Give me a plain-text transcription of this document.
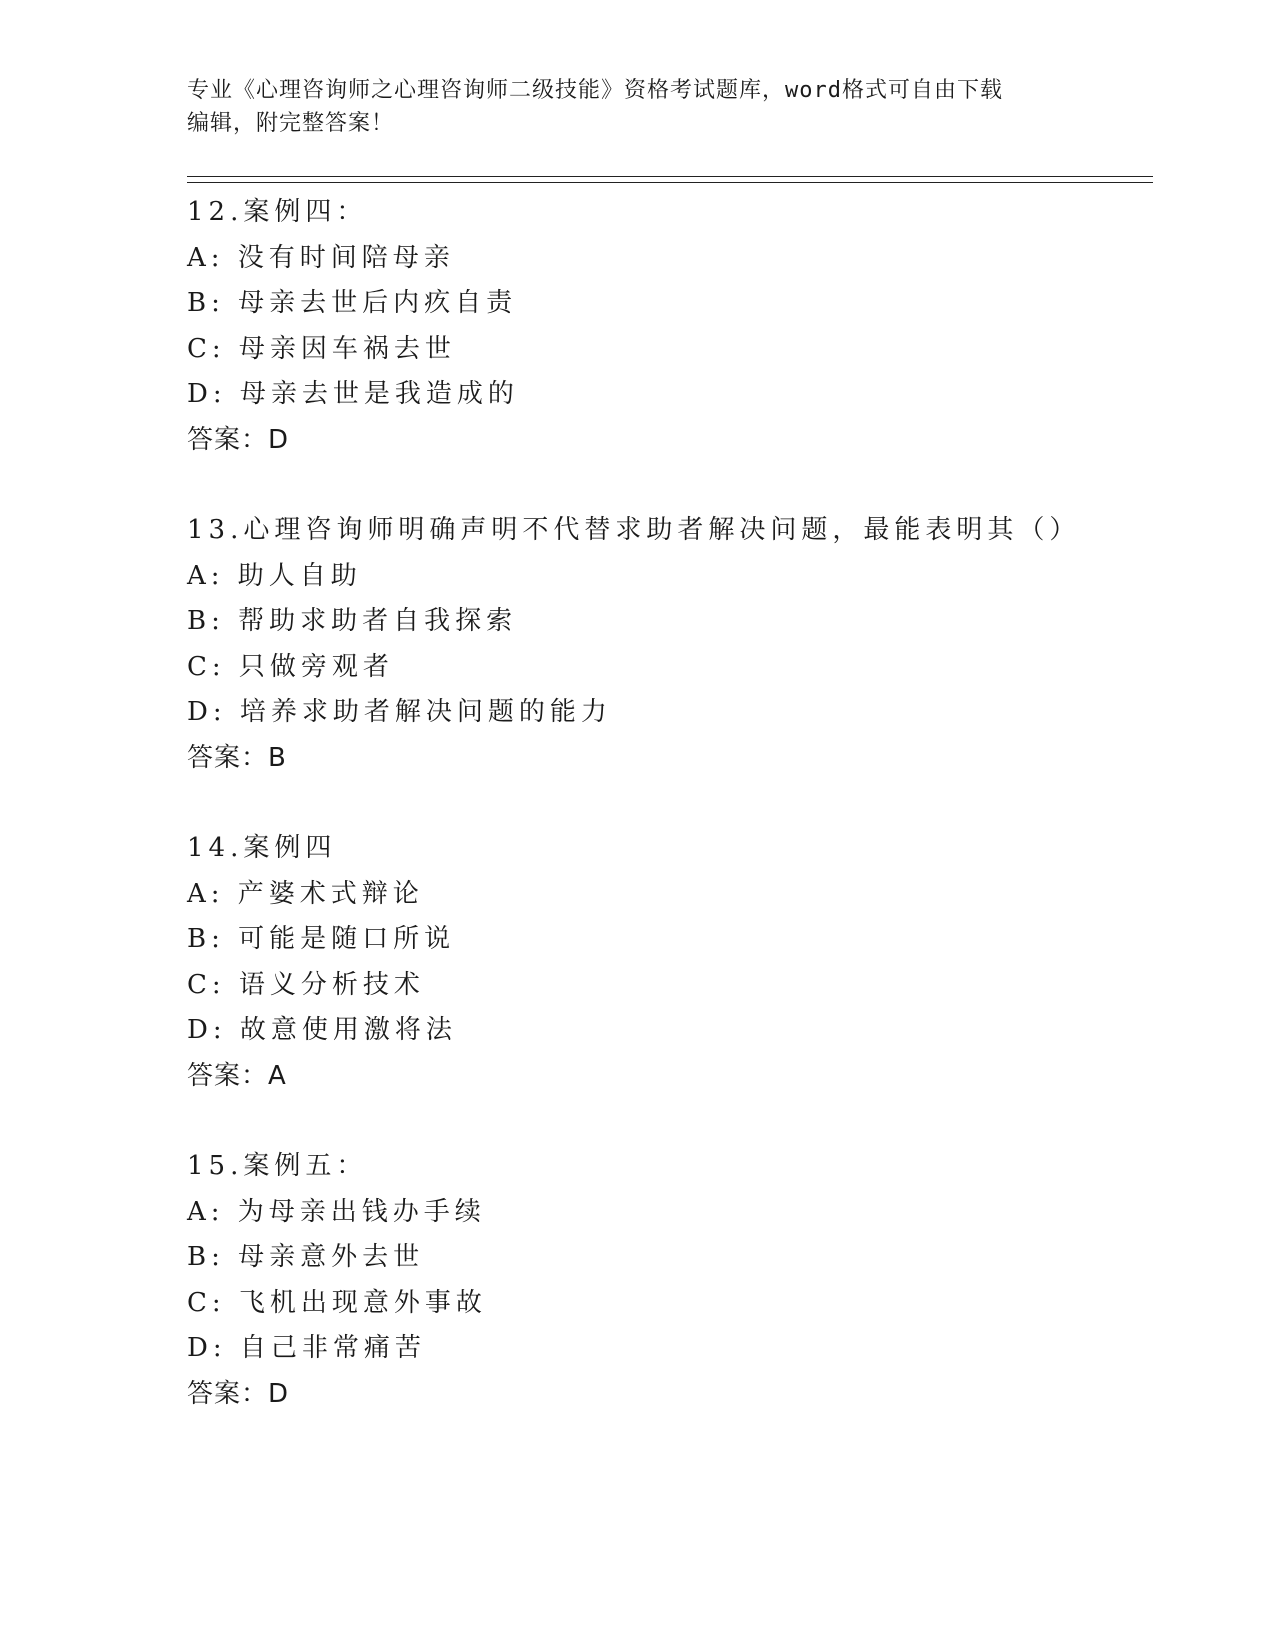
专业《心理咨询师之心理咨询师二级技能》资格考试题库，word格式可自由下载
编辑，附完整答案！
12.案例四：
A: 没有时间陪母亲
B: 母亲去世后内疚自责
C: 母亲因车祸去世
D: 母亲去世是我造成的
答案：D
13.心理咨询师明确声明不代替求助者解决问题，最能表明其（）
A: 助人自助
B: 帮助求助者自我探索
C: 只做旁观者
D: 培养求助者解决问题的能力
答案：B
14.案例四
A: 产婆术式辩论
B: 可能是随口所说
C: 语义分析技术
D: 故意使用激将法
答案：A
15.案例五：
A: 为母亲出钱办手续
B: 母亲意外去世
C: 飞机出现意外事故
D: 自己非常痛苦
答案：D
